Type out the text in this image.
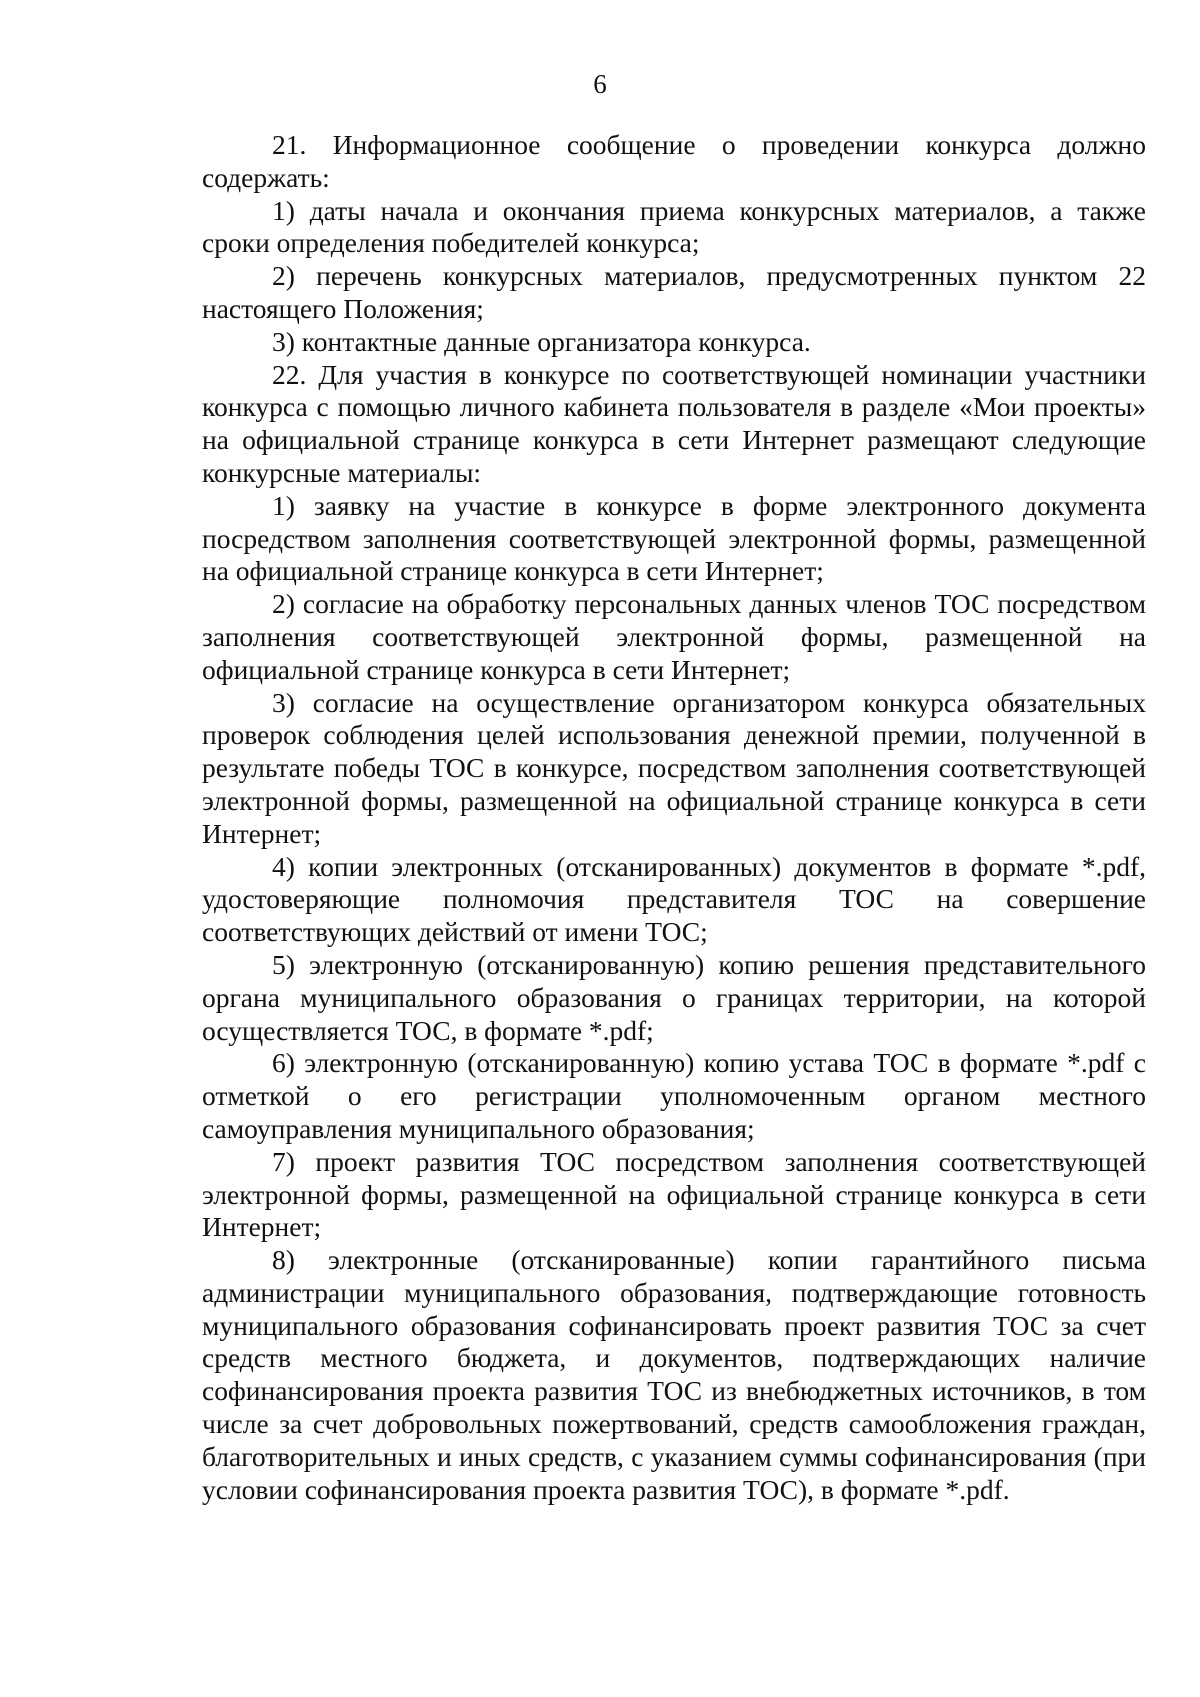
6

21. Информационное сообщение о проведении конкурса должно содержать:

1) даты начала и окончания приема конкурсных материалов, а также сроки определения победителей конкурса;

2) перечень конкурсных материалов, предусмотренных пунктом 22 настоящего Положения;

3) контактные данные организатора конкурса.

22. Для участия в конкурсе по соответствующей номинации участники конкурса с помощью личного кабинета пользователя в разделе «Мои проекты» на официальной странице конкурса в сети Интернет размещают следующие конкурсные материалы:

1) заявку на участие в конкурсе в форме электронного документа посредством заполнения соответствующей электронной формы, размещенной на официальной странице конкурса в сети Интернет;

2) согласие на обработку персональных данных членов ТОС посредством заполнения соответствующей электронной формы, размещенной на официальной странице конкурса в сети Интернет;

3) согласие на осуществление организатором конкурса обязательных проверок соблюдения целей использования денежной премии, полученной в результате победы ТОС в конкурсе, посредством заполнения соответствующей электронной формы, размещенной на официальной странице конкурса в сети Интернет;

4) копии электронных (отсканированных) документов в формате *.pdf, удостоверяющие полномочия представителя ТОС на совершение соответствующих действий от имени ТОС;

5) электронную (отсканированную) копию решения представительного органа муниципального образования о границах территории, на которой осуществляется ТОС, в формате *.pdf;

6) электронную (отсканированную) копию устава ТОС в формате *.pdf с отметкой о его регистрации уполномоченным органом местного самоуправления муниципального образования;

7) проект развития ТОС посредством заполнения соответствующей электронной формы, размещенной на официальной странице конкурса в сети Интернет;

8) электронные (отсканированные) копии гарантийного письма администрации муниципального образования, подтверждающие готовность муниципального образования софинансировать проект развития ТОС за счет средств местного бюджета, и документов, подтверждающих наличие софинансирования проекта развития ТОС из внебюджетных источников, в том числе за счет добровольных пожертвований, средств самообложения граждан, благотворительных и иных средств, с указанием суммы софинансирования (при условии софинансирования проекта развития ТОС), в формате *.pdf.
